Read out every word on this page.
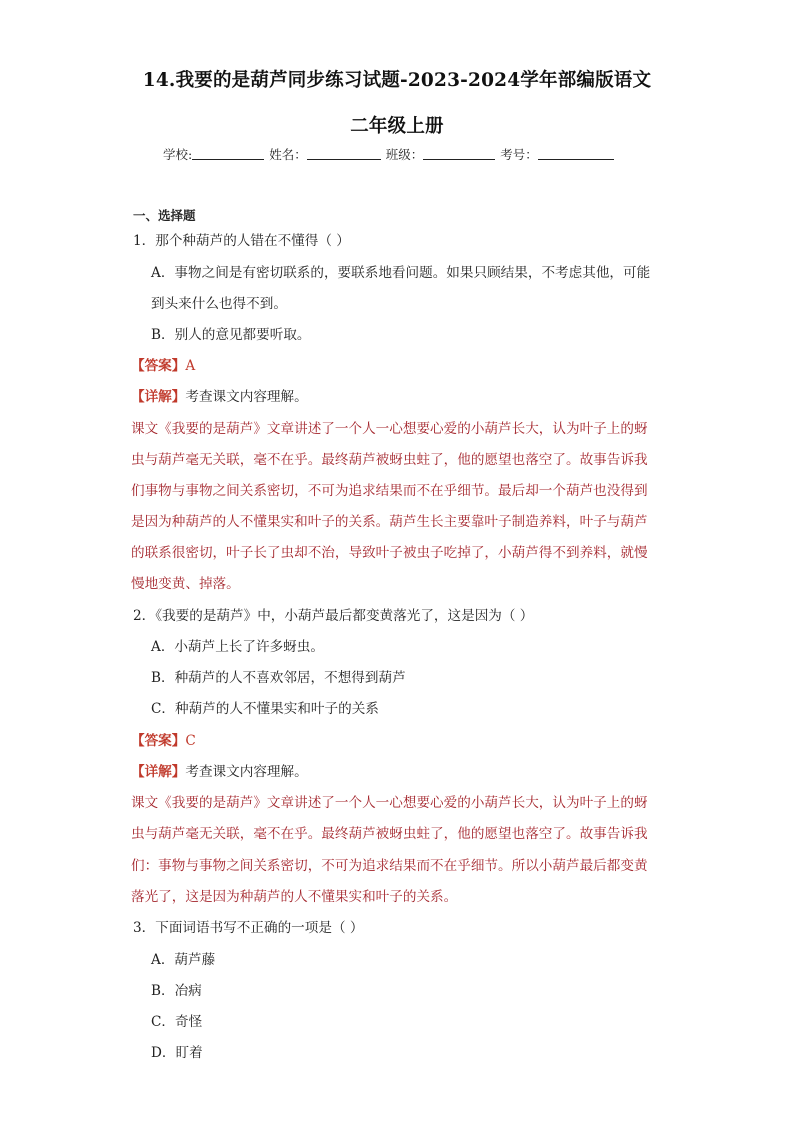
14.我要的是葫芦同步练习试题-2023-2024学年部编版语文
二年级上册
学校:	姓名：	班级：	考号：
一、选择题
1．那个种葫芦的人错在不懂得（ ）
A．事物之间是有密切联系的，要联系地看问题。如果只顾结果，不考虑其他，可能
到头来什么也得不到。
B．别人的意见都要听取。
【答案】A
【详解】考查课文内容理解。
课文《我要的是葫芦》文章讲述了一个人一心想要心爱的小葫芦长大，认为叶子上的蚜
虫与葫芦毫无关联，毫不在乎。最终葫芦被蚜虫蛀了，他的愿望也落空了。故事告诉我
们事物与事物之间关系密切，不可为追求结果而不在乎细节。最后却一个葫芦也没得到
是因为种葫芦的人不懂果实和叶子的关系。葫芦生长主要靠叶子制造养料，叶子与葫芦
的联系很密切，叶子长了虫却不治，导致叶子被虫子吃掉了，小葫芦得不到养料，就慢
慢地变黄、掉落。
2．《我要的是葫芦》中，小葫芦最后都变黄落光了，这是因为（ ）
A．小葫芦上长了许多蚜虫。
B．种葫芦的人不喜欢邻居，不想得到葫芦
C．种葫芦的人不懂果实和叶子的关系
【答案】C
【详解】考查课文内容理解。
课文《我要的是葫芦》文章讲述了一个人一心想要心爱的小葫芦长大，认为叶子上的蚜
虫与葫芦毫无关联，毫不在乎。最终葫芦被蚜虫蛀了，他的愿望也落空了。故事告诉我
们：事物与事物之间关系密切，不可为追求结果而不在乎细节。所以小葫芦最后都变黄
落光了，这是因为种葫芦的人不懂果实和叶子的关系。
3．下面词语书写不正确的一项是（ ）
A．葫芦藤
B．冶病
C．奇怪
D．盯着
